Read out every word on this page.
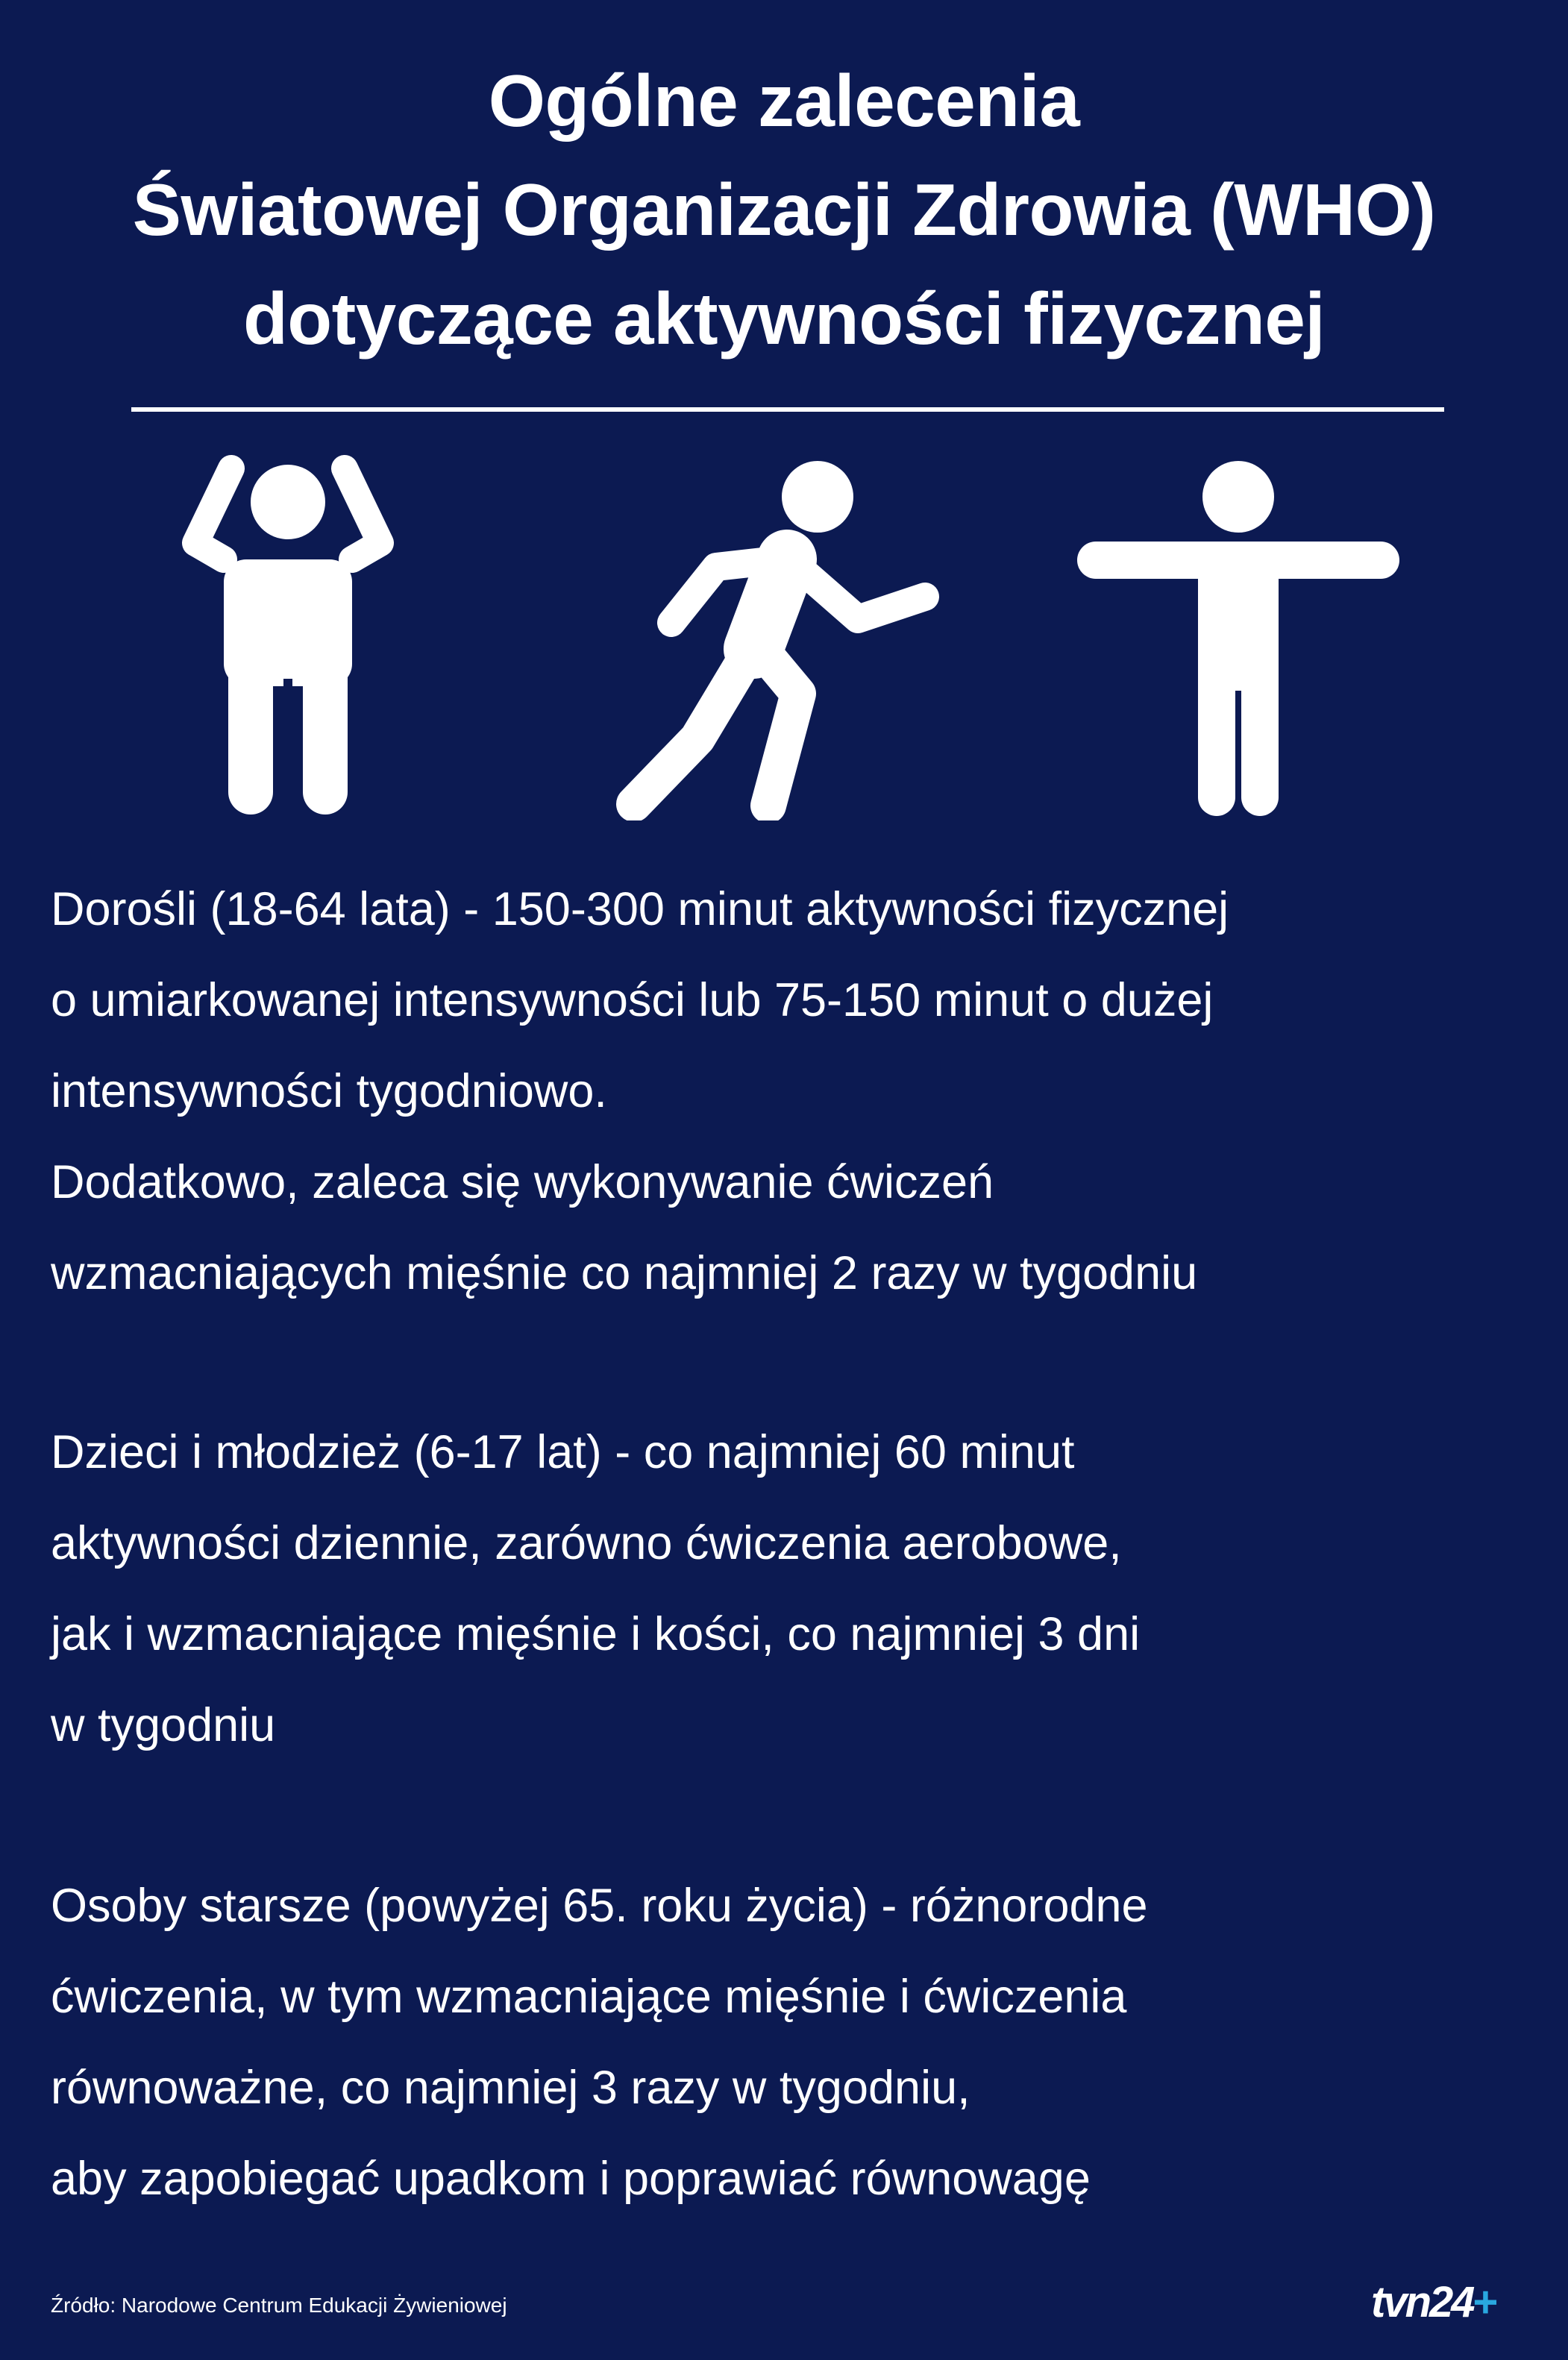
Ogólne zalecenia
Światowej Organizacji Zdrowia (WHO)
dotyczące aktywności fizycznej
Dorośli (18-64 lata) - 150-300 minut aktywności fizycznej
o umiarkowanej intensywności lub 75-150 minut o dużej
intensywności tygodniowo.
Dodatkowo, zaleca się wykonywanie ćwiczeń
wzmacniających mięśnie co najmniej 2 razy w tygodniu
Dzieci i młodzież (6-17 lat) - co najmniej 60 minut
aktywności dziennie, zarówno ćwiczenia aerobowe,
jak i wzmacniające mięśnie i kości, co najmniej 3 dni
w tygodniu
Osoby starsze (powyżej 65. roku życia) - różnorodne
ćwiczenia, w tym wzmacniające mięśnie i ćwiczenia
równoważne, co najmniej 3 razy w tygodniu,
aby zapobiegać upadkom i poprawiać równowagę
Źródło: Narodowe Centrum Edukacji Żywieniowej	tvn24+
